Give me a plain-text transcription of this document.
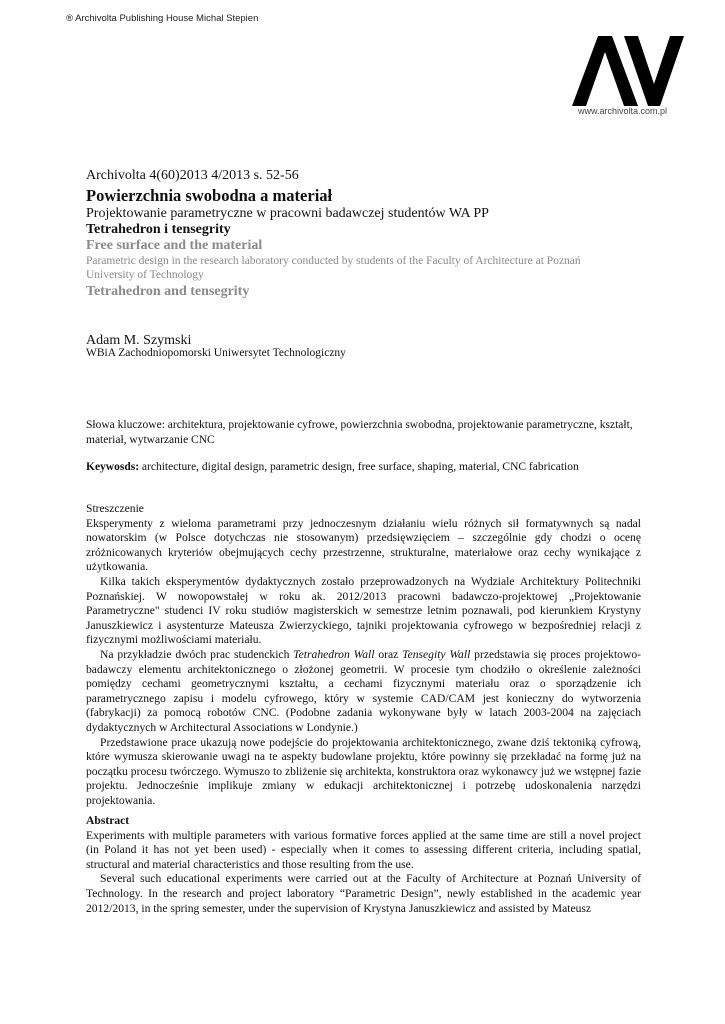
® Archivolta Publishing House Michal Stepien
www.archivolta.com.pl
Archivolta 4(60)2013 4/2013 s. 52-56
Powierzchnia swobodna a materiał
Projektowanie parametryczne w pracowni badawczej studentów WA PP
Tetrahedron i tensegrity
Free surface and the material
Parametric design in the research laboratory conducted by students of the Faculty of Architecture at Poznań University of Technology
Tetrahedron and tensegrity
Adam M. Szymski
WBiA Zachodniopomorski Uniwersytet Technologiczny
Słowa kluczowe: architektura, projektowanie cyfrowe, powierzchnia swobodna, projektowanie parametryczne, kształt, materiał, wytwarzanie CNC
Keywosds: architecture, digital design, parametric design, free surface, shaping, material, CNC fabrication

Streszczenie

Eksperymenty z wieloma parametrami przy jednoczesnym działaniu wielu różnych sił formatywnych są nadal nowatorskim (w Polsce dotychczas nie stosowanym) przedsięwzięciem – szczególnie gdy chodzi o ocenę zróżnicowanych kryteriów obejmujących cechy przestrzenne, strukturalne, materiałowe oraz cechy wynikające z użytkowania.

Kilka takich eksperymentów dydaktycznych zostało przeprowadzonych na Wydziale Architektury Politechniki Poznańskiej. W nowopowstałej w roku ak. 2012/2013 pracowni badawczo-projektowej „Projektowanie Parametryczne" studenci IV roku studiów magisterskich w semestrze letnim poznawali, pod kierunkiem Krystyny Januszkiewicz i asystenturze Mateusza Zwierzyckiego, tajniki projektowania cyfrowego w bezpośredniej relacji z fizycznymi możliwościami materiału.

Na przykładzie dwóch prac studenckich Tetrahedron Wall oraz Tensegity Wall przedstawia się proces projektowo-badawczy elementu architektonicznego o złożonej geometrii. W procesie tym chodziło o określenie zależności pomiędzy cechami geometrycznymi kształtu, a cechami fizycznymi materiału oraz o sporządzenie ich parametrycznego zapisu i modelu cyfrowego, który w systemie CAD/CAM jest konieczny do wytworzenia (fabrykacji) za pomocą robotów CNC. (Podobne zadania wykonywane były w latach 2003-2004 na zajęciach dydaktycznych w Architectural Associations w Londynie.)

Przedstawione prace ukazują nowe podejście do projektowania architektonicznego, zwane dziś tektoniką cyfrową, które wymusza skierowanie uwagi na te aspekty budowlane projektu, które powinny się przekładać na formę już na początku procesu twórczego. Wymuszo to zbliżenie się architekta, konstruktora oraz wykonawcy już we wstępnej fazie projektu. Jednocześnie implikuje zmiany w edukacji architektonicznej i potrzebę udoskonalenia narzędzi projektowania.

Abstract

Experiments with multiple parameters with various formative forces applied at the same time are still a novel project (in Poland it has not yet been used) - especially when it comes to assessing different criteria, including spatial, structural and material characteristics and those resulting from the use.

Several such educational experiments were carried out at the Faculty of Architecture at Poznań University of Technology. In the research and project laboratory “Parametric Design”, newly established in the academic year 2012/2013, in the spring semester, under the supervision of Krystyna Januszkiewicz and assisted by Mateusz
